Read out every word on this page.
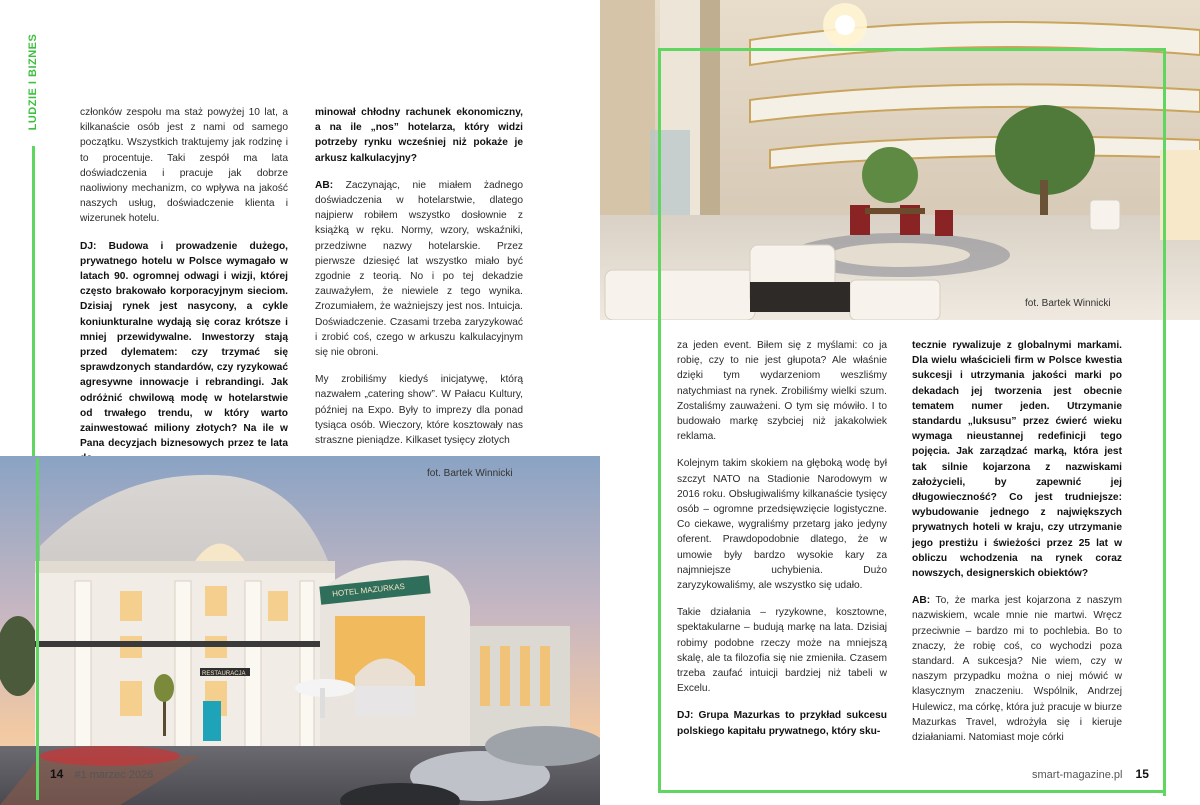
LUDZIE I BIZNES	członków zespołu ma staż powyżej 10 lat, a kilkanaście osób jest z nami od samego początku. Wszystkich traktujemy jak rodzinę i to procentuje. Taki zespół ma lata doświadczenia i pracuje jak dobrze naoliwiony mechanizm, co wpływa na jakość naszych usług, doświadczenie klienta i wizerunek hotelu.

DJ: Budowa i prowadzenie dużego, prywatnego hotelu w Polsce wymagało w latach 90. ogromnej odwagi i wizji, której często brakowało korporacyjnym sieciom. Dzisiaj rynek jest nasycony, a cykle koniunkturalne wydają się coraz krótsze i mniej przewidywalne. Inwestorzy stają przed dylematem: czy trzymać się sprawdzonych standardów, czy ryzykować agresywne innowacje i rebrandingi. Jak odróżnić chwilową modę w hotelarstwie od trwałego trendu, w który warto zainwestować miliony złotych? Na ile w Pana decyzjach biznesowych przez te lata

minował chłodny rachunek ekonomiczny, a na ile „nos” hotelarza, który widzi potrzeby rynku wcześniej niż pokaże je arkusz kalkulacyjny?

AB: Zaczynając, nie miałem żadnego doświadczenia w hotelarstwie, dlatego najpierw robiłem wszystko dosłownie z książką w ręku. Normy, wzory, wskaźniki, przedziwne nazwy hotelarskie. Przez pierwsze dziesięć lat wszystko miało być zgodnie z teorią. No i po tej dekadzie zauważyłem, że niewiele z tego wynika. Zrozumiałem, że ważniejszy jest nos. Intuicja. Doświadczenie. Czasami trzeba zaryzykować i zrobić coś, czego w arkuszu kalkulacyjnym się nie obroni.

My zrobiliśmy kiedyś inicjatywę, którą nazwałem „catering show”. W Pałacu Kultury, później na Expo. Były to imprezy dla ponad tysiąca osób. Wieczory, które kosztowały nas straszne pieniądze. Kilkaset tysięcy złotych

HOTEL MAZURKAS
RESTAURACJA
fot. Bartek Winnicki
14 #1 marzec 2026
fot. Bartek Winnicki

za jeden event. Biłem się z myślami: co ja robię, czy to nie jest głupota? Ale właśnie dzięki tym wydarzeniom weszliśmy natychmiast na rynek. Zrobiliśmy wielki szum. Zostaliśmy zauważeni. O tym się mówiło. I to budowało markę szybciej niż jakakolwiek reklama.

Kolejnym takim skokiem na głęboką wodę był szczyt NATO na Stadionie Narodowym w 2016 roku. Obsługiwaliśmy kilkanaście tysięcy osób – ogromne przedsięwzięcie logistyczne. Co ciekawe, wygraliśmy przetarg jako jedyny oferent. Prawdopodobnie dlatego, że w umowie były bardzo wysokie kary za najmniejsze uchybienia. Dużo zaryzykowaliśmy, ale wszystko się udało.

Takie działania – ryzykowne, kosztowne, spektakularne – budują markę na lata. Dzisiaj robimy podobne rzeczy może na mniejszą skalę, ale ta filozofia się nie zmieniła. Czasem trzeba zaufać intuicji bardziej niż tabeli w Excelu.

DJ: Grupa Mazurkas to przykład sukcesu polskiego kapitału prywatnego, który sku-

tecznie rywalizuje z globalnymi markami. Dla wielu właścicieli firm w Polsce kwestia sukcesji i utrzymania jakości marki po dekadach jej tworzenia jest obecnie tematem numer jeden. Utrzymanie standardu „luksusu” przez ćwierć wieku wymaga nieustannej redefinicji tego pojęcia. Jak zarządzać marką, która jest tak silnie kojarzona z nazwiskami założycieli, by zapewnić jej długowieczność? Co jest trudniejsze: wybudowanie jednego z największych prywatnych hoteli w kraju, czy utrzymanie jego prestiżu i świeżości przez 25 lat w obliczu wchodzenia na rynek coraz nowszych, designerskich obiektów?

AB: To, że marka jest kojarzona z naszym nazwiskiem, wcale mnie nie martwi. Wręcz przeciwnie – bardzo mi to pochlebia. Bo to znaczy, że robię coś, co wychodzi poza standard. A sukcesja? Nie wiem, czy w naszym przypadku można o niej mówić w klasycznym znaczeniu. Wspólnik, Andrzej Hulewicz, ma córkę, która już pracuje w biurze Mazurkas Travel, wdrożyła się i kieruje działaniami. Natomiast moje córki

smart-magazine.pl 15
